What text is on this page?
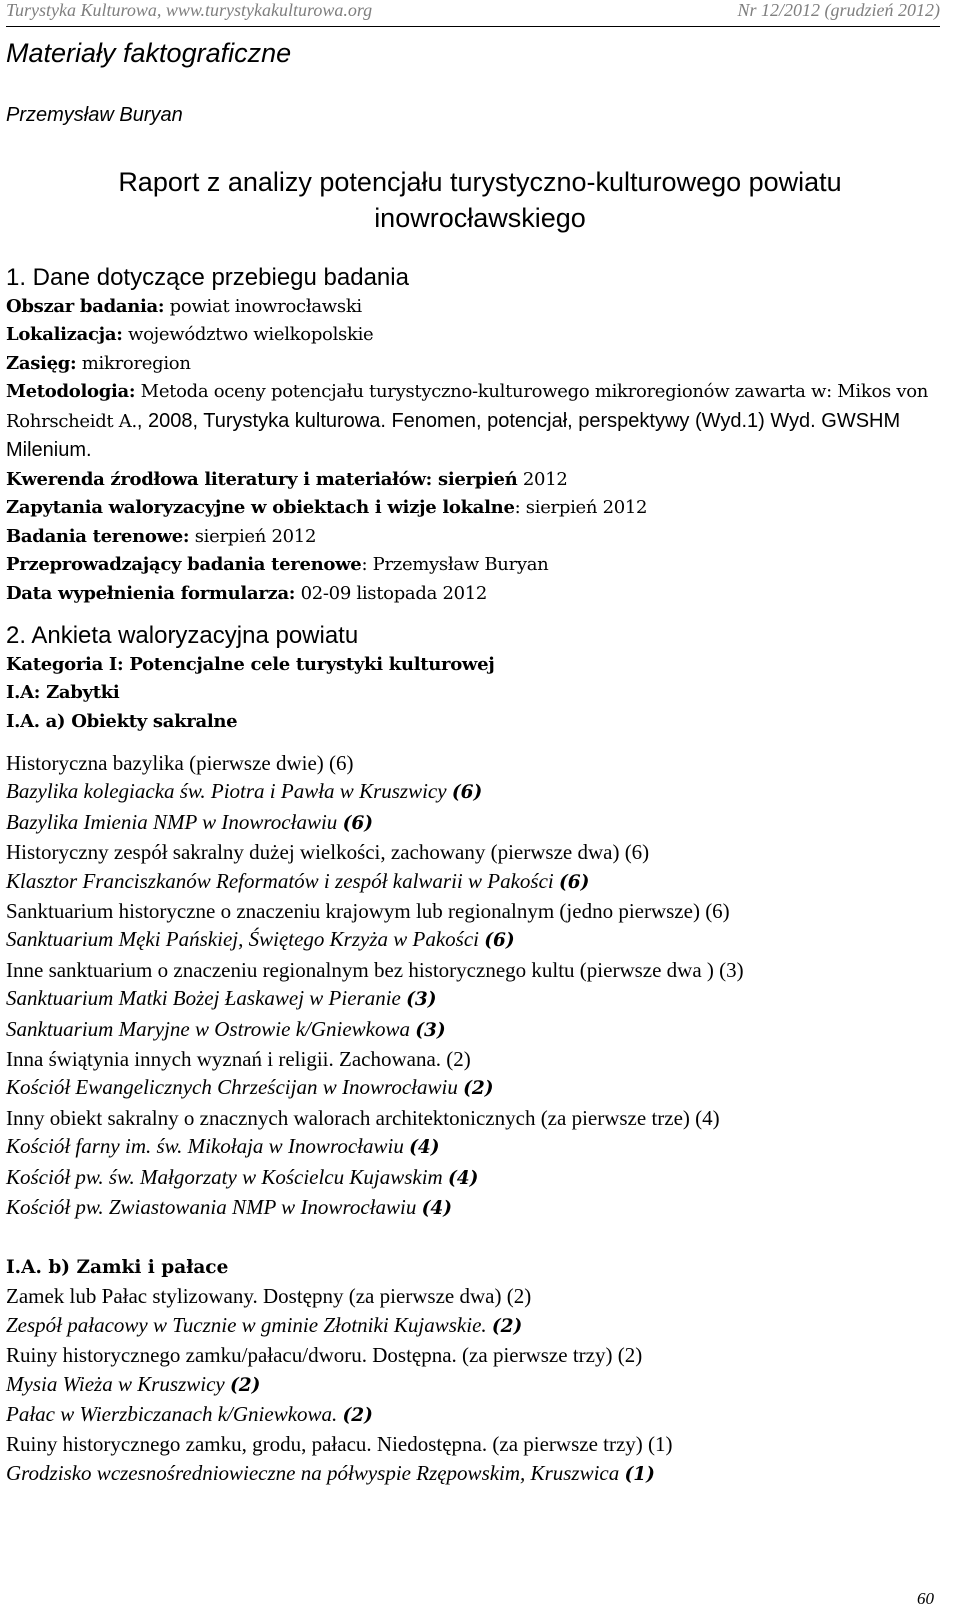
Turystyka Kulturowa, www.turystykakulturowa.org	Nr 12/2012 (grudzień 2012)
Materiały faktograficzne
Przemysław Buryan
Raport z analizy potencjału turystyczno-kulturowego powiatu
inowrocławskiego

1. Dane dotyczące przebiegu badania

Obszar badania: powiat inowrocławski

Lokalizacja: województwo wielkopolskie

Zasięg: mikroregion

Metodologia: Metoda oceny potencjału turystyczno-kulturowego mikroregionów zawarta w: Mikos von Rohrscheidt A., 2008, Turystyka kulturowa. Fenomen, potencjał, perspektywy (Wyd.1) Wyd. GWSHM Milenium.

Kwerenda źrodłowa literatury i materiałów: sierpień 2012

Zapytania waloryzacyjne w obiektach i wizje lokalne: sierpień 2012

Badania terenowe: sierpień 2012

Przeprowadzający badania terenowe: Przemysław Buryan

Data wypełnienia formularza: 02-09 listopada 2012

2. Ankieta waloryzacyjna powiatu

Kategoria I: Potencjalne cele turystyki kulturowej

I.A: Zabytki

I.A. a) Obiekty sakralne

Historyczna bazylika (pierwsze dwie) (6)

Bazylika kolegiacka św. Piotra i Pawła w Kruszwicy (6)

Bazylika Imienia NMP w Inowrocławiu (6)

Historyczny zespół sakralny dużej wielkości, zachowany (pierwsze dwa) (6)

Klasztor Franciszkanów Reformatów i zespół kalwarii w Pakości (6)

Sanktuarium historyczne o znaczeniu krajowym lub regionalnym (jedno pierwsze) (6)

Sanktuarium Męki Pańskiej, Świętego Krzyża w Pakości (6)

Inne sanktuarium o znaczeniu regionalnym bez historycznego kultu (pierwsze dwa ) (3)

Sanktuarium Matki Bożej Łaskawej w Pieranie (3)

Sanktuarium Maryjne w Ostrowie k/Gniewkowa (3)

Inna świątynia innych wyznań i religii. Zachowana. (2)

Kościół Ewangelicznych Chrześcijan w Inowrocławiu (2)

Inny obiekt sakralny o znacznych walorach architektonicznych (za pierwsze trze) (4)

Kościół farny im. św. Mikołaja w Inowrocławiu (4)

Kościół pw. św. Małgorzaty w Kościelcu Kujawskim (4)

Kościół pw. Zwiastowania NMP w Inowrocławiu (4)

I.A. b) Zamki i pałace

Zamek lub Pałac stylizowany. Dostępny (za pierwsze dwa) (2)

Zespół pałacowy w Tucznie w gminie Złotniki Kujawskie. (2)

Ruiny historycznego zamku/pałacu/dworu. Dostępna. (za pierwsze trzy) (2)

Mysia Wieża w Kruszwicy (2)

Pałac w Wierzbiczanach k/Gniewkowa. (2)

Ruiny historycznego zamku, grodu, pałacu. Niedostępna. (za pierwsze trzy) (1)

Grodzisko wczesnośredniowieczne na półwyspie Rzępowskim, Kruszwica (1)

60
